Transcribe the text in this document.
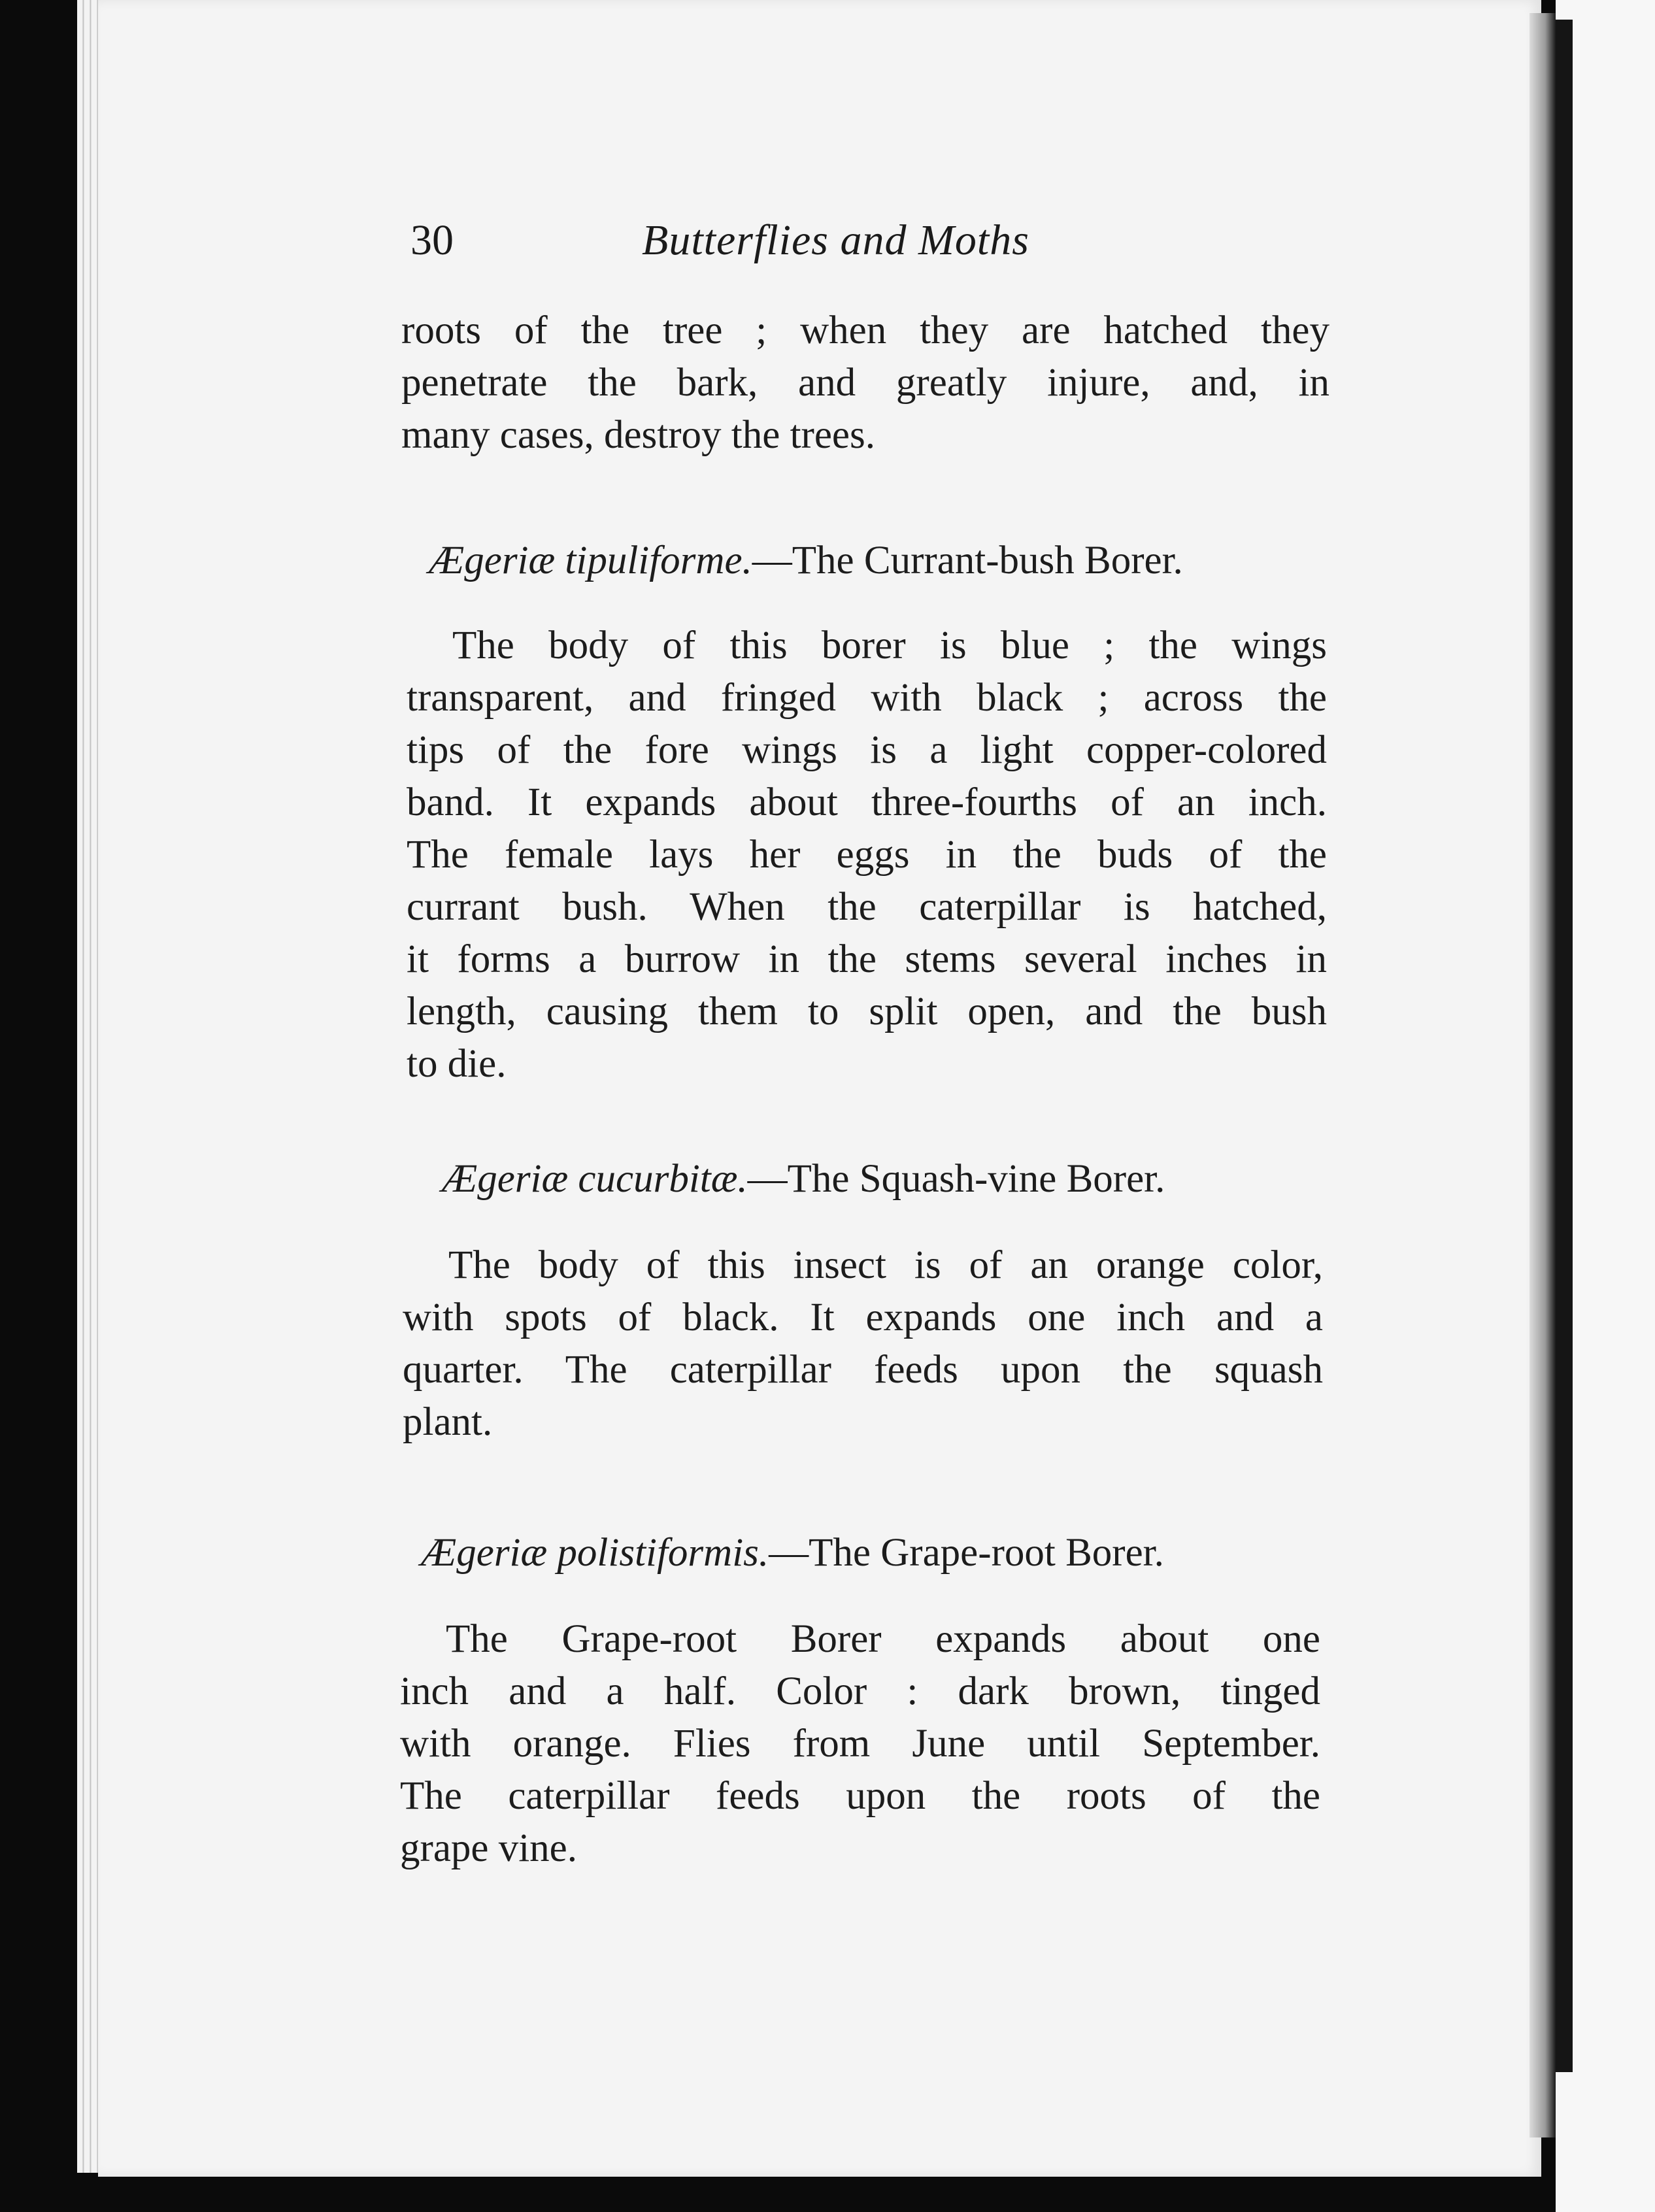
30	Butterflies and Moths

roots of the tree ; when they are hatched they
penetrate the bark, and greatly injure, and, in
many cases, destroy the trees.

Ægeriæ tipuliforme.—The Currant-bush Borer.

The body of this borer is blue ; the wings
transparent, and fringed with black ; across the
tips of the fore wings is a light copper-colored
band. It expands about three-fourths of an inch.
The female lays her eggs in the buds of the
currant bush. When the caterpillar is hatched,
it forms a burrow in the stems several inches in
length, causing them to split open, and the bush
to die.

Ægeriæ cucurbitæ.—The Squash-vine Borer.

The body of this insect is of an orange color,
with spots of black. It expands one inch and a
quarter. The caterpillar feeds upon the squash
plant.

Ægeriæ polistiformis.—The Grape-root Borer.

The Grape-root Borer expands about one
inch and a half. Color : dark brown, tinged
with orange. Flies from June until September.
The caterpillar feeds upon the roots of the
grape vine.
